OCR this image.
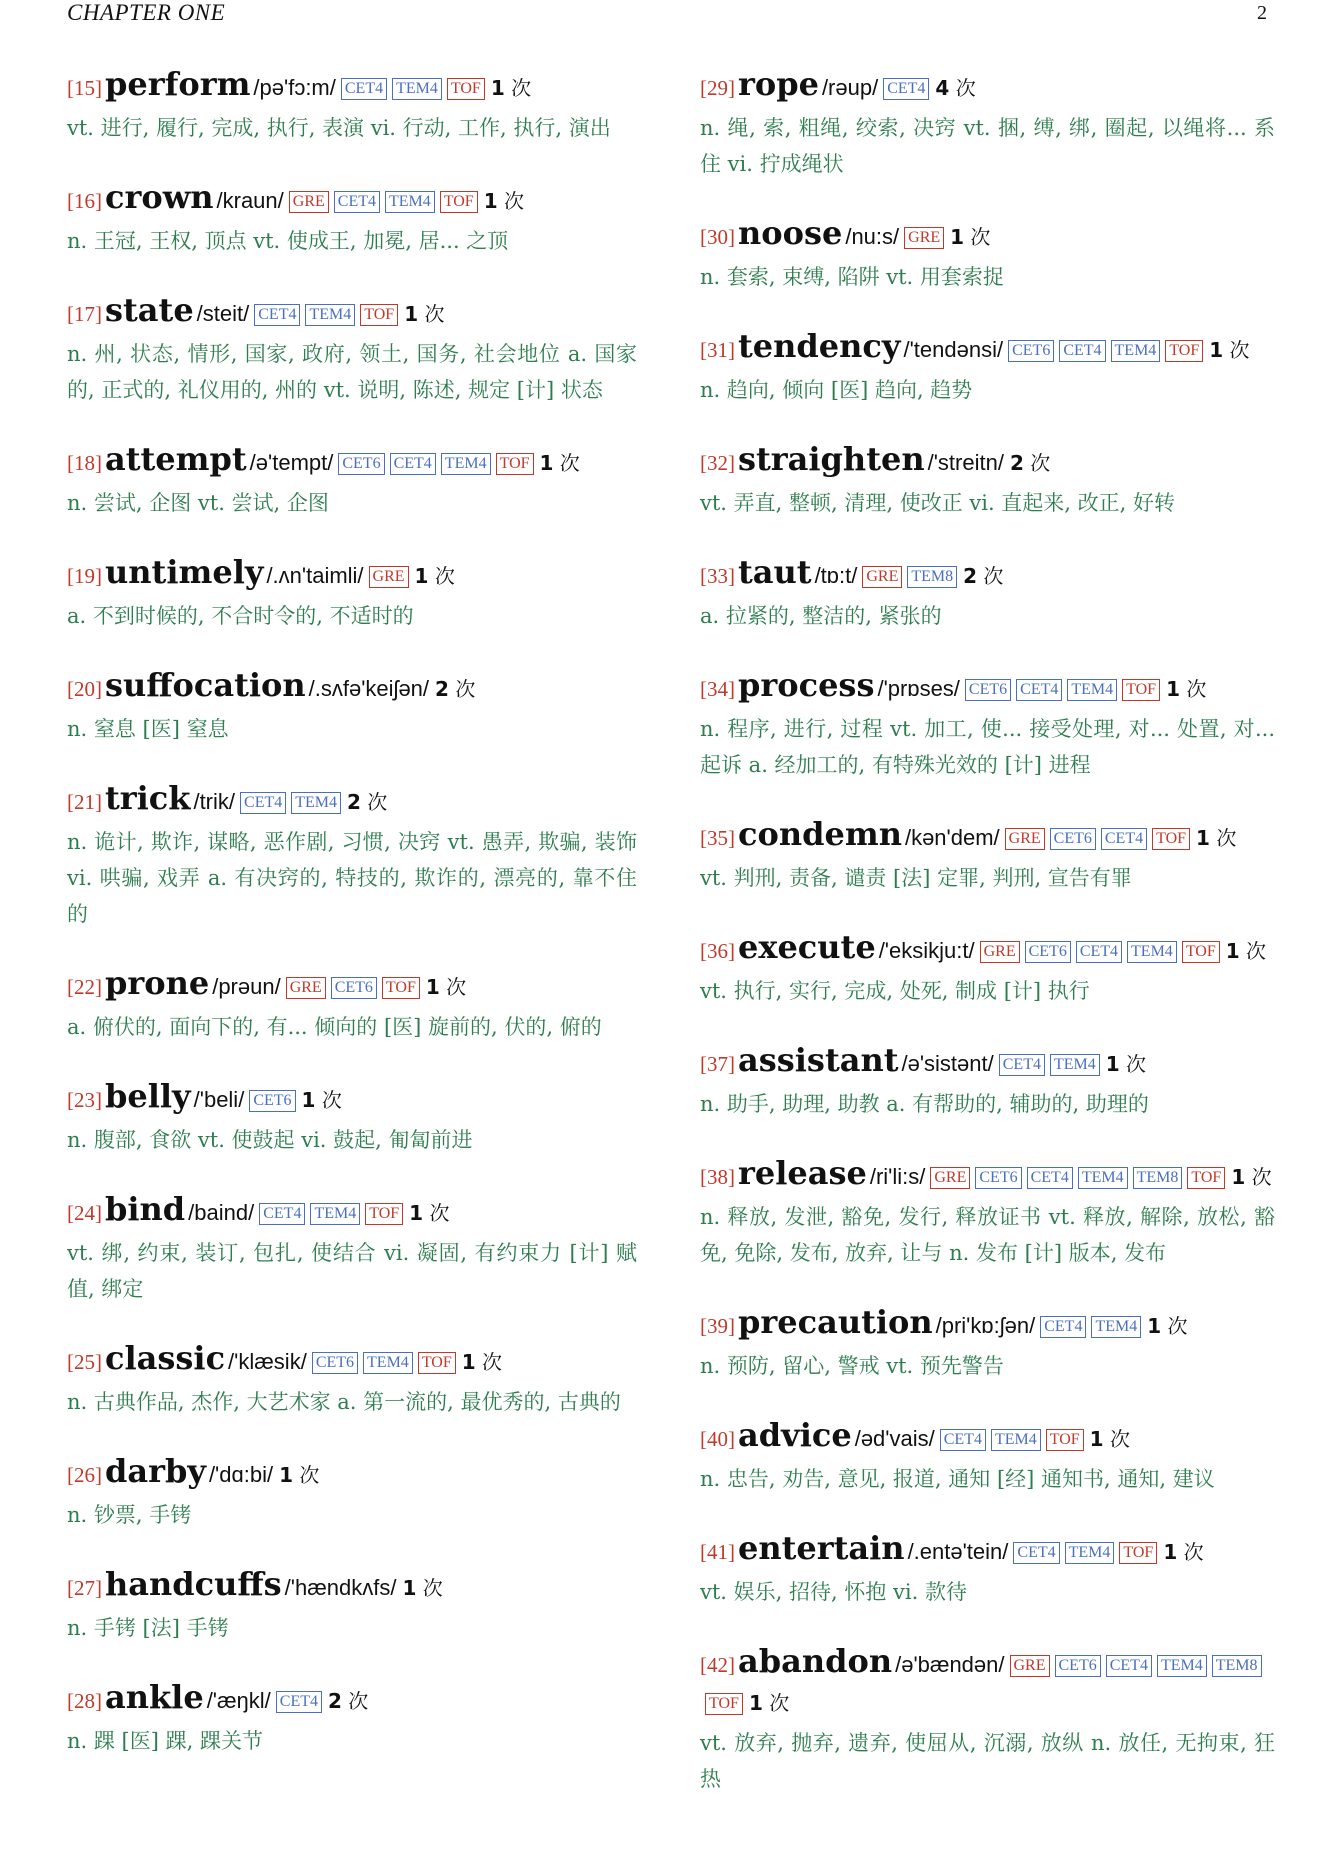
CHAPTER ONE	2
[15]perform /pə'fɔ:m/ CET4 TEM4 TOF 1 次
vt. 进行, 履行, 完成, 执行, 表演 vi. 行动, 工作, 执行, 演出
[16]crown /kraun/ GRE CET4 TEM4 TOF 1 次
n. 王冠, 王权, 顶点 vt. 使成王, 加冕, 居... 之顶
[17]state /steit/ CET4 TEM4 TOF 1 次
n. 州, 状态, 情形, 国家, 政府, 领土, 国务, 社会地位 a. 国家的, 正式的, 礼仪用的, 州的 vt. 说明, 陈述, 规定 [计] 状态
[18]attempt /ə'tempt/ CET6 CET4 TEM4 TOF 1 次
n. 尝试, 企图 vt. 尝试, 企图
[19]untimely /.ʌn'taimli/ GRE 1 次
a. 不到时候的, 不合时令的, 不适时的
[20]suffocation /.sʌfə'keiʃən/ 2 次
n. 窒息 [医] 窒息
[21]trick /trik/ CET4 TEM4 2 次
n. 诡计, 欺诈, 谋略, 恶作剧, 习惯, 决窍 vt. 愚弄, 欺骗, 装饰 vi. 哄骗, 戏弄 a. 有决窍的, 特技的, 欺诈的, 漂亮的, 靠不住的
[22]prone /prəun/ GRE CET6 TOF 1 次
a. 俯伏的, 面向下的, 有... 倾向的 [医] 旋前的, 伏的, 俯的
[23]belly /'beli/ CET6 1 次
n. 腹部, 食欲 vt. 使鼓起 vi. 鼓起, 匍匐前进
[24]bind /baind/ CET4 TEM4 TOF 1 次
vt. 绑, 约束, 装订, 包扎, 使结合 vi. 凝固, 有约束力 [计] 赋值, 绑定
[25]classic /'klæsik/ CET6 TEM4 TOF 1 次
n. 古典作品, 杰作, 大艺术家 a. 第一流的, 最优秀的, 古典的
[26]darby /'dɑ:bi/ 1 次
n. 钞票, 手铐
[27]handcuffs /'hændkʌfs/ 1 次
n. 手铐 [法] 手铐
[28]ankle /'æŋkl/ CET4 2 次
n. 踝 [医] 踝, 踝关节
[29]rope /rəup/ CET4 4 次
n. 绳, 索, 粗绳, 绞索, 决窍 vt. 捆, 缚, 绑, 圈起, 以绳将... 系住 vi. 拧成绳状
[30]noose /nu:s/ GRE 1 次
n. 套索, 束缚, 陷阱 vt. 用套索捉
[31]tendency /'tendənsi/ CET6 CET4 TEM4 TOF 1 次
n. 趋向, 倾向 [医] 趋向, 趋势
[32]straighten /'streitn/ 2 次
vt. 弄直, 整顿, 清理, 使改正 vi. 直起来, 改正, 好转
[33]taut /tɒ:t/ GRE TEM8 2 次
a. 拉紧的, 整洁的, 紧张的
[34]process /'prɒses/ CET6 CET4 TEM4 TOF 1 次
n. 程序, 进行, 过程 vt. 加工, 使... 接受处理, 对... 处置, 对... 起诉 a. 经加工的, 有特殊光效的 [计] 进程
[35]condemn /kən'dem/ GRE CET6 CET4 TOF 1 次
vt. 判刑, 责备, 谴责 [法] 定罪, 判刑, 宣告有罪
[36]execute /'eksikju:t/ GRE CET6 CET4 TEM4 TOF 1 次
vt. 执行, 实行, 完成, 处死, 制成 [计] 执行
[37]assistant /ə'sistənt/ CET4 TEM4 1 次
n. 助手, 助理, 助教 a. 有帮助的, 辅助的, 助理的
[38]release /ri'li:s/ GRE CET6 CET4 TEM4 TEM8 TOF 1 次
n. 释放, 发泄, 豁免, 发行, 释放证书 vt. 释放, 解除, 放松, 豁免, 免除, 发布, 放弃, 让与 n. 发布 [计] 版本, 发布
[39]precaution /pri'kɒ:ʃən/ CET4 TEM4 1 次
n. 预防, 留心, 警戒 vt. 预先警告
[40]advice /əd'vais/ CET4 TEM4 TOF 1 次
n. 忠告, 劝告, 意见, 报道, 通知 [经] 通知书, 通知, 建议
[41]entertain /.entə'tein/ CET4 TEM4 TOF 1 次
vt. 娱乐, 招待, 怀抱 vi. 款待
[42]abandon /ə'bændən/ GRE CET6 CET4 TEM4 TEM8TOF 1 次
vt. 放弃, 抛弃, 遗弃, 使屈从, 沉溺, 放纵 n. 放任, 无拘束, 狂热
